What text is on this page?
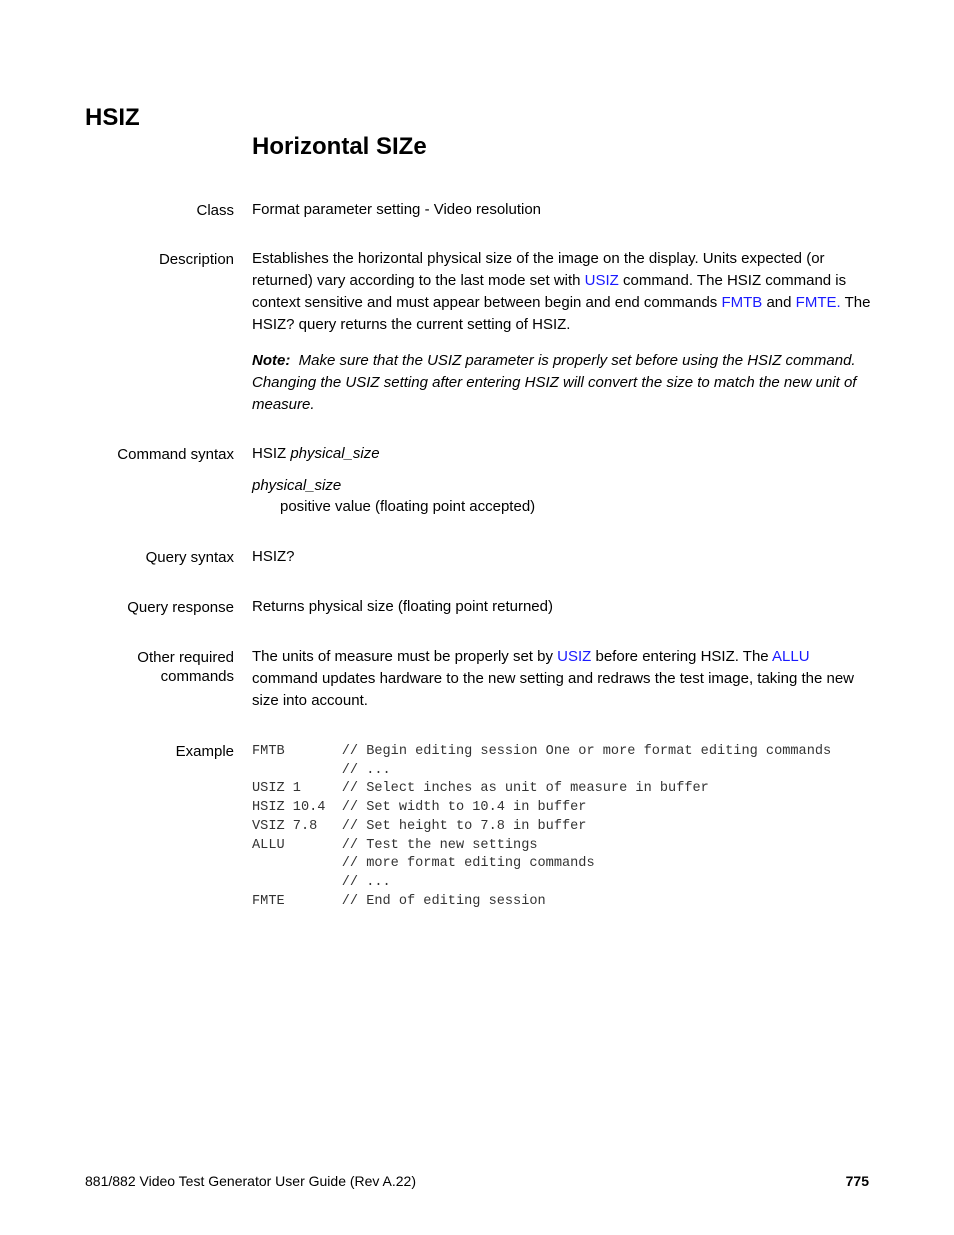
HSIZ
Horizontal SIZe
Class Format parameter setting - Video resolution
Description Establishes the horizontal physical size of the image on the display. Units expected (or returned) vary according to the last mode set with USIZ command. The HSIZ command is context sensitive and must appear between begin and end commands FMTB and FMTE. The HSIZ? query returns the current setting of HSIZ.
Note: Make sure that the USIZ parameter is properly set before using the HSIZ command. Changing the USIZ setting after entering HSIZ will convert the size to match the new unit of measure.
Command syntax HSIZ physical_size
physical_size
positive value (floating point accepted)
Query syntax HSIZ?
Query response Returns physical size (floating point returned)
Other required
commands
The units of measure must be properly set by USIZ before entering HSIZ. The ALLU command updates hardware to the new setting and redraws the test image, taking the new size into account.
Example FMTB       // Begin editing session One or more format editing commands
// ...
USIZ 1     // Select inches as unit of measure in buffer
HSIZ 10.4  // Set width to 10.4 in buffer
VSIZ 7.8   // Set height to 7.8 in buffer
ALLU       // Test the new settings
// more format editing commands
// ...
FMTE       // End of editing session
881/882 Video Test Generator User Guide (Rev A.22)	775
